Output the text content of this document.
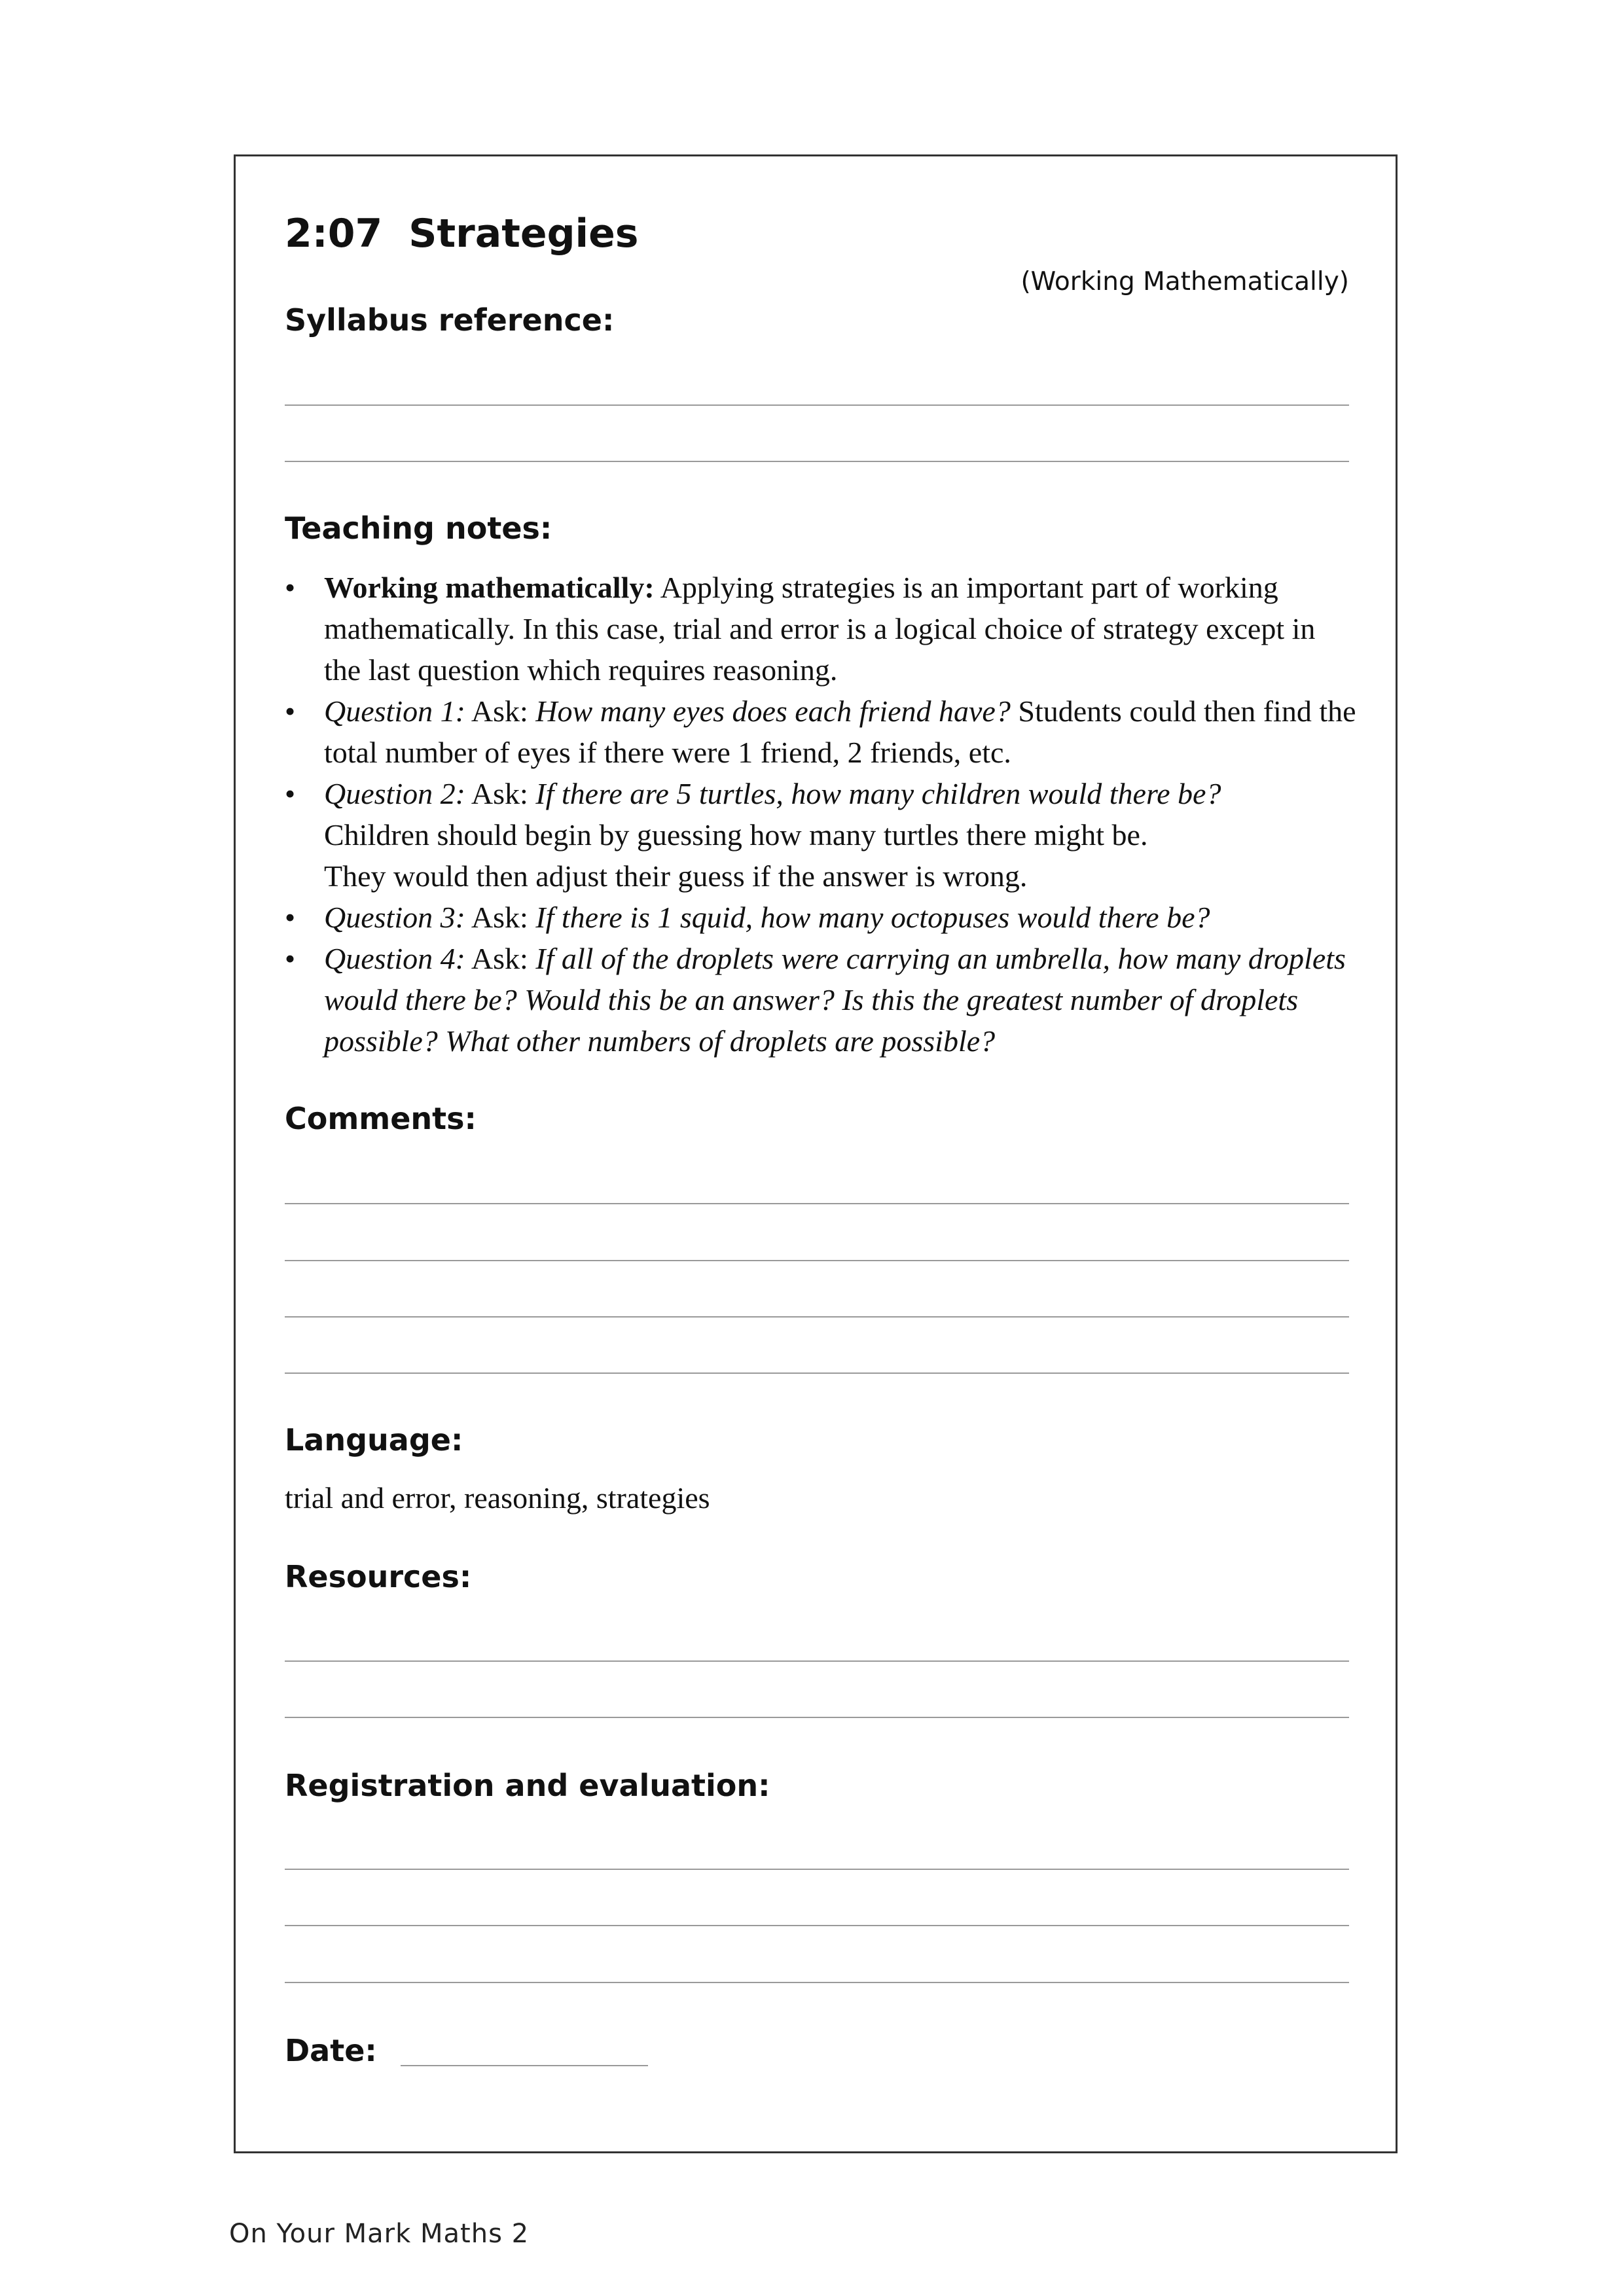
2:07 Strategies
(Working Mathematically)
Syllabus reference:
Teaching notes:
• Working mathematically: Applying strategies is an important part of working mathematically. In this case, trial and error is a logical choice of strategy except in the last question which requires reasoning.
• Question 1: Ask: How many eyes does each friend have? Students could then find the total number of eyes if there were 1 friend, 2 friends, etc.
• Question 2: Ask: If there are 5 turtles, how many children would there be?
Children should begin by guessing how many turtles there might be.
They would then adjust their guess if the answer is wrong.
• Question 3: Ask: If there is 1 squid, how many octopuses would there be?
• Question 4: Ask: If all of the droplets were carrying an umbrella, how many droplets would there be? Would this be an answer? Is this the greatest number of droplets possible? What other numbers of droplets are possible?
Comments:
Language:
trial and error, reasoning, strategies
Resources:
Registration and evaluation:
Date:
On Your Mark Maths 2
